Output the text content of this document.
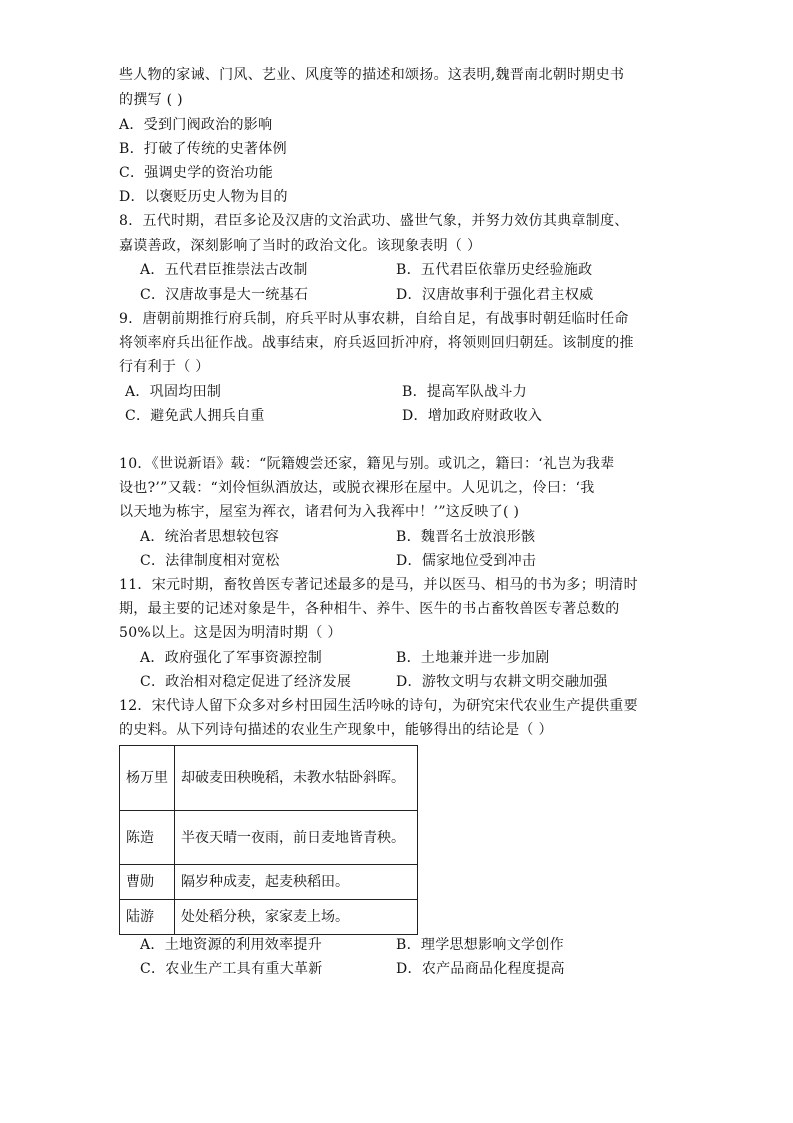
些人物的家诫、门风、艺业、风度等的描述和颂扬。这表明,魏晋南北朝时期史书
的撰写 ( )
A．受到门阀政治的影响
B．打破了传统的史著体例
C．强调史学的资治功能
D．以褒贬历史人物为目的
8．五代时期，君臣多论及汉唐的文治武功、盛世气象，并努力效仿其典章制度、
嘉谟善政，深刻影响了当时的政治文化。该现象表明（ ）
A．五代君臣推崇法古改制	B．五代君臣依靠历史经验施政
C．汉唐故事是大一统基石	D．汉唐故事利于强化君主权威
9．唐朝前期推行府兵制，府兵平时从事农耕，自给自足，有战事时朝廷临时任命
将领率府兵出征作战。战事结束，府兵返回折冲府，将领则回归朝廷。该制度的推
行有利于（ ）
A．巩固均田制	B．提高军队战斗力
C．避免武人拥兵自重	D．增加政府财政收入
10．《世说新语》载：“阮籍嫂尝还家，籍见与别。或讥之，籍曰：‘礼岂为我辈
设也?’”又载：“刘伶恒纵酒放达，或脱衣裸形在屋中。人见讥之，伶曰：‘我
以天地为栋宇，屋室为裈衣，诸君何为入我裈中！’”这反映了( )
A．统治者思想较包容	B．魏晋名士放浪形骸
C．法律制度相对宽松	D．儒家地位受到冲击
11．宋元时期，畜牧兽医专著记述最多的是马，并以医马、相马的书为多；明清时
期，最主要的记述对象是牛，各种相牛、养牛、医牛的书占畜牧兽医专著总数的
50%以上。这是因为明清时期（ ）
A．政府强化了军事资源控制	B．土地兼并进一步加剧
C．政治相对稳定促进了经济发展	D．游牧文明与农耕文明交融加强
12．宋代诗人留下众多对乡村田园生活吟咏的诗句，为研究宋代农业生产提供重要
的史料。从下列诗句描述的农业生产现象中，能够得出的结论是（ ）
杨万里	却破麦田秧晚稻，未教水牯卧斜晖。
陈造	半夜天晴一夜雨，前日麦地皆青秧。
曹勋	隔岁种成麦，起麦秧稻田。
陆游	处处稻分秧，家家麦上场。
A．土地资源的利用效率提升	B．理学思想影响文学创作
C．农业生产工具有重大革新	D．农产品商品化程度提高
